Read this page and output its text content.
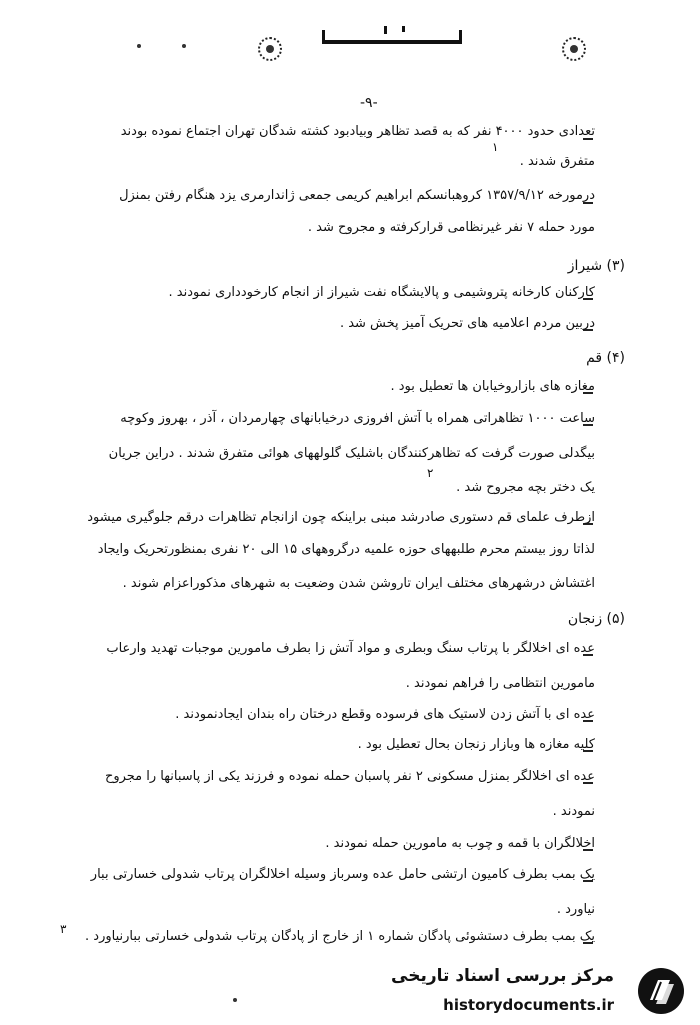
-۹-
تعدادی حدود ۴۰۰۰ نفر که به قصد تظاهر وبیادبود کشته شدگان تهران اجتماع نموده بودند
متفرق شدند .
۱
درمورخه ۱۳۵۷/۹/۱۲ کروهبانسکم ابراهیم کریمی جمعی ژاندارمری یزد هنگام رفتن بمنزل
مورد حمله ۷ نفر غیرنظامی قرارکرفته و مجروح شد .
(۳) شیراز
کارکنان کارخانه پتروشیمی و پالایشگاه نفت شیراز از انجام کارخودداری نمودند .
دربین مردم اعلامیه های تحریک آمیز پخش شد .
(۴) قم
مغازه های بازاروخیابان ها تعطیل بود .
ساعت ۱۰۰۰ تظاهراتی همراه با آتش افروزی درخیابانهای چهارمردان ، آذر ، بهروز وکوچه
بیگدلی صورت گرفت که تظاهرکنندگان باشلیک گلولههای هوائی متفرق شدند . دراین جریان
یک دختر بچه مجروح شد .
۲
ازطرف علمای قم دستوری صادرشد مبنی براینکه چون ازانجام تظاهرات درقم جلوگیری میشود
لذاتا روز بیستم محرم طلبههای حوزه علمیه درگروههای ۱۵ الی ۲۰ نفری بمنظورتحریک وایجاد
اغتشاش درشهرهای مختلف ایران تاروشن شدن وضعیت به شهرهای مذکوراعزام شوند .
(۵) زنجان
عده ای اخلالگر با پرتاب سنگ وبطری و مواد آتش زا بطرف مامورین موجبات تهدید وارعاب
مامورین انتظامی را فراهم نمودند .
عده ای با آتش زدن لاستیک های فرسوده وقطع درختان راه بندان ایجادنمودند .
کلیه مغازه ها وبازار زنجان بحال تعطیل بود .
عده ای اخلالگر بمنزل مسکونی ۲ نفر پاسبان حمله نموده و فرزند یکی از پاسبانها را مجروح
نمودند .
اخلالگران با قمه و چوب به مامورین حمله نمودند .
یک بمب بطرف کامیون ارتشی حامل عده وسرباز وسیله اخلالگران پرتاب شدولی خسارتی ببار
نیاورد .
۳ یک بمب بطرف دستشوئی پادگان شماره ۱ از خارج از پادگان پرتاب شدولی خسارتی ببارنیاورد .
مرکز بررسی اسناد تاریخی
historydocuments.ir
